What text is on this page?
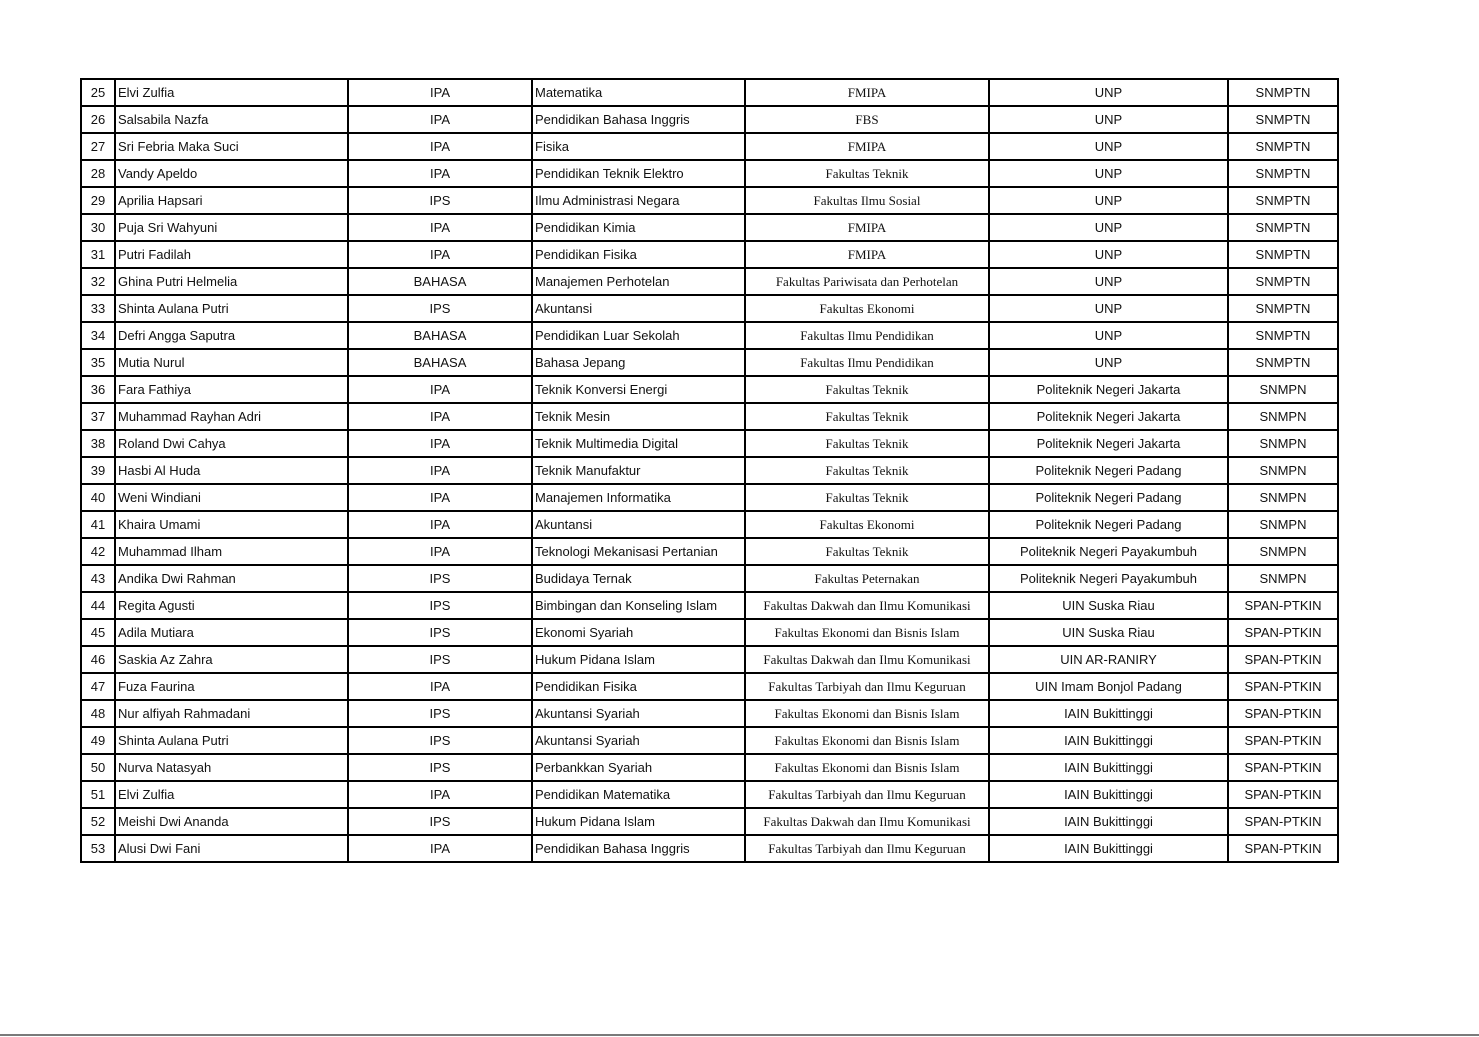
25	Elvi Zulfia	IPA	Matematika	FMIPA	UNP	SNMPTN
26	Salsabila Nazfa	IPA	Pendidikan Bahasa Inggris	FBS	UNP	SNMPTN
27	Sri Febria Maka Suci	IPA	Fisika	FMIPA	UNP	SNMPTN
28	Vandy Apeldo	IPA	Pendidikan Teknik Elektro	Fakultas Teknik	UNP	SNMPTN
29	Aprilia Hapsari	IPS	Ilmu Administrasi Negara	Fakultas Ilmu Sosial	UNP	SNMPTN
30	Puja Sri Wahyuni	IPA	Pendidikan Kimia	FMIPA	UNP	SNMPTN
31	Putri Fadilah	IPA	Pendidikan Fisika	FMIPA	UNP	SNMPTN
32	Ghina Putri Helmelia	BAHASA	Manajemen Perhotelan	Fakultas Pariwisata dan Perhotelan	UNP	SNMPTN
33	Shinta Aulana Putri	IPS	Akuntansi	Fakultas Ekonomi	UNP	SNMPTN
34	Defri Angga Saputra	BAHASA	Pendidikan Luar Sekolah	Fakultas Ilmu Pendidikan	UNP	SNMPTN
35	Mutia Nurul	BAHASA	Bahasa Jepang	Fakultas Ilmu Pendidikan	UNP	SNMPTN
36	Fara Fathiya	IPA	Teknik Konversi Energi	Fakultas Teknik	Politeknik Negeri Jakarta	SNMPN
37	Muhammad Rayhan Adri	IPA	Teknik Mesin	Fakultas Teknik	Politeknik Negeri Jakarta	SNMPN
38	Roland Dwi Cahya	IPA	Teknik Multimedia Digital	Fakultas Teknik	Politeknik Negeri Jakarta	SNMPN
39	Hasbi Al Huda	IPA	Teknik Manufaktur	Fakultas Teknik	Politeknik Negeri Padang	SNMPN
40	Weni Windiani	IPA	Manajemen Informatika	Fakultas Teknik	Politeknik Negeri Padang	SNMPN
41	Khaira Umami	IPA	Akuntansi	Fakultas Ekonomi	Politeknik Negeri Padang	SNMPN
42	Muhammad Ilham	IPA	Teknologi Mekanisasi Pertanian	Fakultas Teknik	Politeknik Negeri Payakumbuh	SNMPN
43	Andika Dwi Rahman	IPS	Budidaya Ternak	Fakultas Peternakan	Politeknik Negeri Payakumbuh	SNMPN
44	Regita Agusti	IPS	Bimbingan dan Konseling Islam	Fakultas Dakwah dan Ilmu Komunikasi	UIN Suska Riau	SPAN-PTKIN
45	Adila Mutiara	IPS	Ekonomi Syariah	Fakultas Ekonomi dan Bisnis Islam	UIN Suska Riau	SPAN-PTKIN
46	Saskia Az Zahra	IPS	Hukum Pidana Islam	Fakultas Dakwah dan Ilmu Komunikasi	UIN AR-RANIRY	SPAN-PTKIN
47	Fuza Faurina	IPA	Pendidikan Fisika	Fakultas Tarbiyah dan Ilmu Keguruan	UIN Imam Bonjol Padang	SPAN-PTKIN
48	Nur alfiyah Rahmadani	IPS	Akuntansi Syariah	Fakultas Ekonomi dan Bisnis Islam	IAIN Bukittinggi	SPAN-PTKIN
49	Shinta Aulana Putri	IPS	Akuntansi Syariah	Fakultas Ekonomi dan Bisnis Islam	IAIN Bukittinggi	SPAN-PTKIN
50	Nurva Natasyah	IPS	Perbankkan Syariah	Fakultas Ekonomi dan Bisnis Islam	IAIN Bukittinggi	SPAN-PTKIN
51	Elvi Zulfia	IPA	Pendidikan Matematika	Fakultas Tarbiyah dan Ilmu Keguruan	IAIN Bukittinggi	SPAN-PTKIN
52	Meishi Dwi Ananda	IPS	Hukum Pidana Islam	Fakultas Dakwah dan Ilmu Komunikasi	IAIN Bukittinggi	SPAN-PTKIN
53	Alusi Dwi Fani	IPA	Pendidikan Bahasa Inggris	Fakultas Tarbiyah dan Ilmu Keguruan	IAIN Bukittinggi	SPAN-PTKIN
